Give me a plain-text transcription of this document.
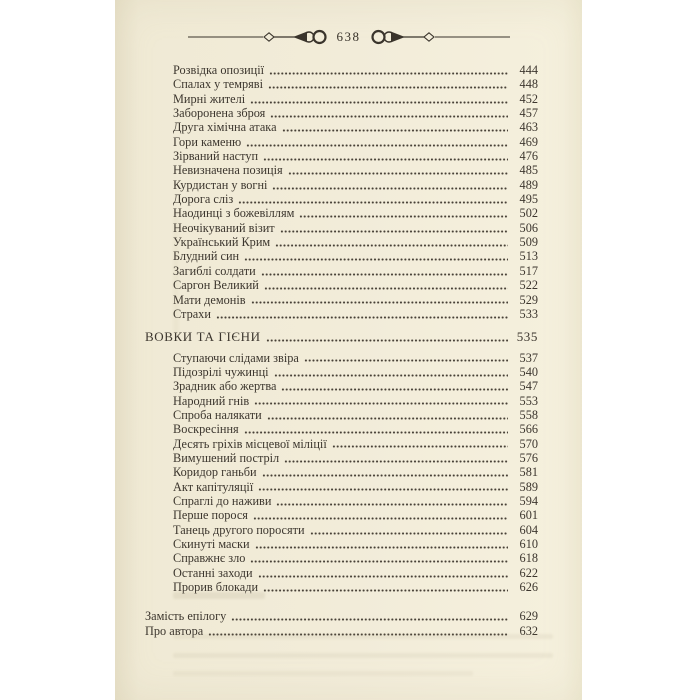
638
Розвідка опозиції	444
Спалах у темряві	448
Мирні жителі	452
Заборонена зброя	457
Друга хімічна атака	463
Гори каменю	469
Зірваний наступ	476
Невизначена позиція	485
Курдистан у вогні	489
Дорога сліз	495
Наодинці з божевіллям	502
Неочікуваний візит	506
Український Крим	509
Блудний син	513
Загиблі солдати	517
Саргон Великий	522
Мати демонів	529
Страхи	533
ВОВКИ ТА ГІЄНИ	535
Ступаючи слідами звіра	537
Підозрілі чужинці	540
Зрадник або жертва	547
Народний гнів	553
Спроба налякати	558
Воскресіння	566
Десять гріхів місцевої міліції	570
Вимушений постріл	576
Коридор ганьби	581
Акт капітуляції	589
Спраглі до наживи	594
Перше порося	601
Танець другого поросяти	604
Скинуті маски	610
Справжнє зло	618
Останні заходи	622
Прорив блокади	626
Замість епілогу	629
Про автора	632
